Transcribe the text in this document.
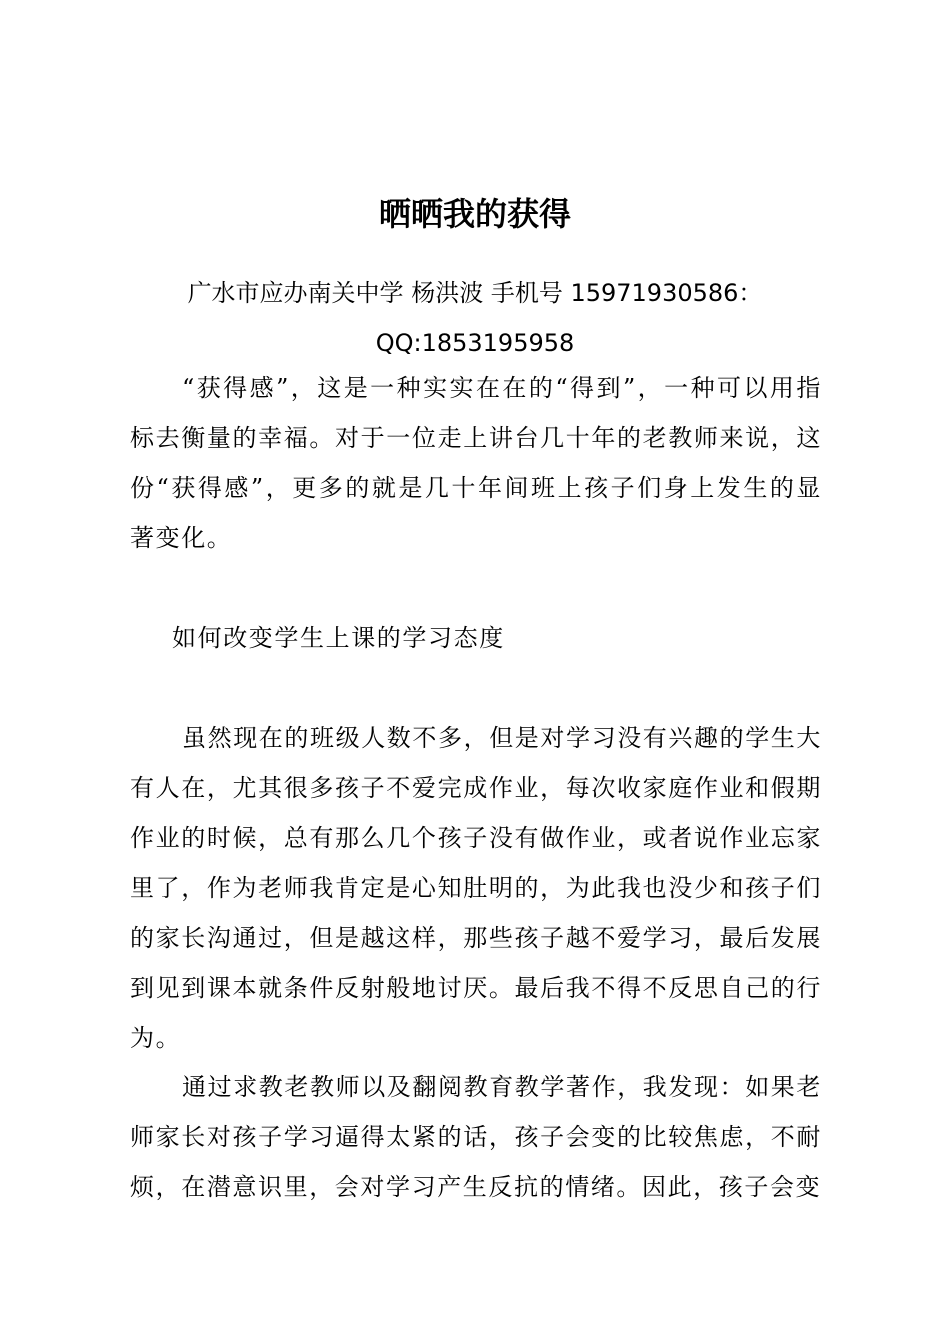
晒晒我的获得

广水市应办南关中学 杨洪波 手机号 15971930586： QQ:1853195958

“获得感”，这是一种实实在在的“得到”，一种可以用指标去衡量的幸福。对于一位走上讲台几十年的老教师来说，这份“获得感”，更多的就是几十年间班上孩子们身上发生的显著变化。

如何改变学生上课的学习态度

虽然现在的班级人数不多，但是对学习没有兴趣的学生大有人在，尤其很多孩子不爱完成作业，每次收家庭作业和假期作业的时候，总有那么几个孩子没有做作业，或者说作业忘家里了，作为老师我肯定是心知肚明的，为此我也没少和孩子们的家长沟通过，但是越这样，那些孩子越不爱学习，最后发展到见到课本就条件反射般地讨厌。最后我不得不反思自己的行为。

通过求教老教师以及翻阅教育教学著作，我发现：如果老师家长对孩子学习逼得太紧的话，孩子会变的比较焦虑，不耐烦，在潜意识里，会对学习产生反抗的情绪。因此，孩子会变
